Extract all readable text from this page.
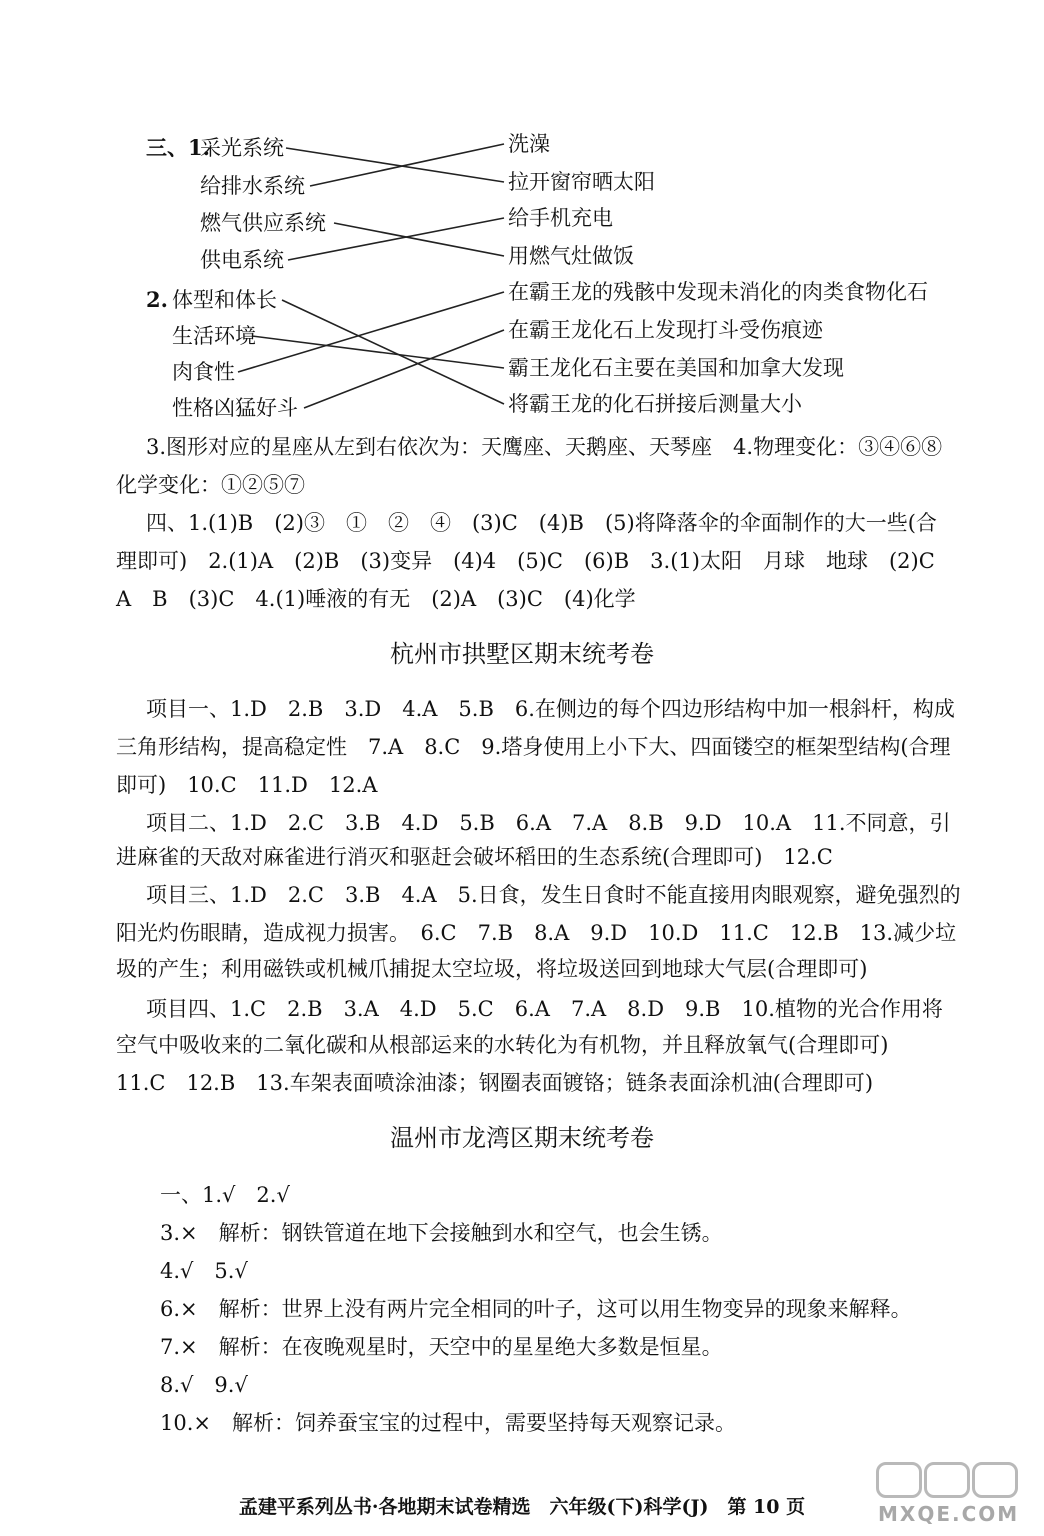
三、1.
采光系统
给排水系统
燃气供应系统
供电系统
洗澡
拉开窗帘晒太阳
给手机充电
用燃气灶做饭
2. 体型和体长
生活环境
肉食性
性格凶猛好斗
在霸王龙的残骸中发现未消化的肉类食物化石
在霸王龙化石上发现打斗受伤痕迹
霸王龙化石主要在美国和加拿大发现
将霸王龙的化石拼接后测量大小
3.图形对应的星座从左到右依次为：天鹰座、天鹅座、天琴座　4.物理变化：③④⑥⑧
化学变化：①②⑤⑦
四、1.(1)B　(2)③　①　②　④　(3)C　(4)B　(5)将降落伞的伞面制作的大一些(合
理即可)　2.(1)A　(2)B　(3)变异　(4)4　(5)C　(6)B　3.(1)太阳　月球　地球　(2)C
A　B　(3)C　4.(1)唾液的有无　(2)A　(3)C　(4)化学
杭州市拱墅区期末统考卷
项目一、1.D　2.B　3.D　4.A　5.B　6.在侧边的每个四边形结构中加一根斜杆，构成
三角形结构，提高稳定性　7.A　8.C　9.塔身使用上小下大、四面镂空的框架型结构(合理
即可)　10.C　11.D　12.A
项目二、1.D　2.C　3.B　4.D　5.B　6.A　7.A　8.B　9.D　10.A　11.不同意，引
进麻雀的天敌对麻雀进行消灭和驱赶会破坏稻田的生态系统(合理即可)　12.C
项目三、1.D　2.C　3.B　4.A　5.日食，发生日食时不能直接用肉眼观察，避免强烈的
阳光灼伤眼睛，造成视力损害。　6.C　7.B　8.A　9.D　10.D　11.C　12.B　13.减少垃
圾的产生；利用磁铁或机械爪捕捉太空垃圾，将垃圾送回到地球大气层(合理即可)
项目四、1.C　2.B　3.A　4.D　5.C　6.A　7.A　8.D　9.B　10.植物的光合作用将
空气中吸收来的二氧化碳和从根部运来的水转化为有机物，并且释放氧气(合理即可)
11.C　12.B　13.车架表面喷涂油漆；钢圈表面镀铬；链条表面涂机油(合理即可)
温州市龙湾区期末统考卷
一、1.√　2.√
3.×　解析：钢铁管道在地下会接触到水和空气，也会生锈。
4.√　5.√
6.×　解析：世界上没有两片完全相同的叶子，这可以用生物变异的现象来解释。
7.×　解析：在夜晚观星时，天空中的星星绝大多数是恒星。
8.√　9.√
10.×　解析：饲养蚕宝宝的过程中，需要坚持每天观察记录。
孟建平系列丛书·各地期末试卷精选　六年级(下)科学(J)　第 10 页	MXQE.COM
